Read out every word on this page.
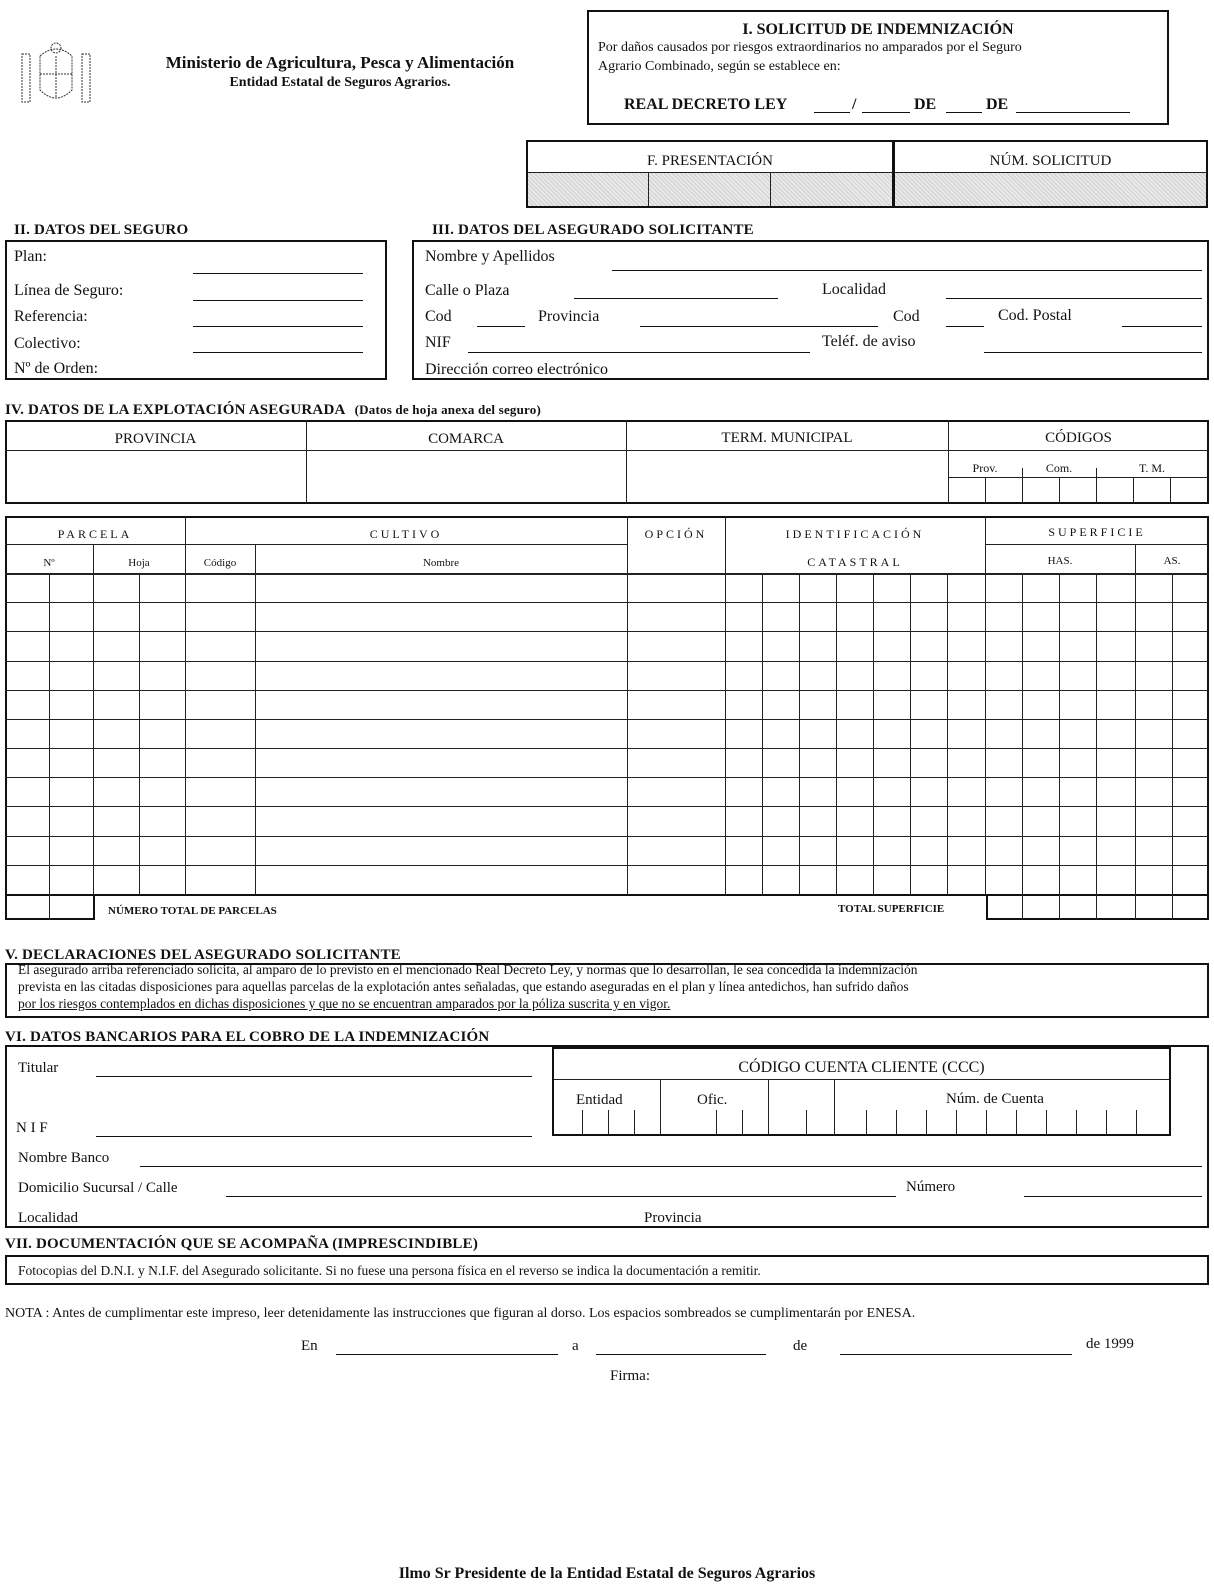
Ministerio de Agricultura, Pesca y Alimentación
Entidad Estatal de Seguros Agrarios.
I. SOLICITUD DE INDEMNIZACIÓN
Por daños causados por riesgos extraordinarios no amparados por el Seguro
Agrario Combinado, según se establece en:
REAL DECRETO LEY	/	DE	DE
F. PRESENTACIÓN	NÚM. SOLICITUD
II. DATOS DEL SEGURO
Plan:
Línea de Seguro:
Referencia:
Colectivo:
Nº de Orden:
III. DATOS DEL ASEGURADO SOLICITANTE
Nombre y Apellidos
Calle o Plaza	Localidad
Cod	Provincia	Cod	Cod. Postal
NIF	Teléf. de aviso
Dirección correo electrónico
IV. DATOS DE LA EXPLOTACIÓN ASEGURADA (Datos de hoja anexa del seguro)
PROVINCIA	COMARCA	TERM. MUNICIPAL	CÓDIGOS
Prov.	Com.	T. M.
PARCELA	CULTIVO	OPCIÓN	IDENTIFICACIÓN
CATASTRAL
SUPERFICIE
Nº	Hoja	Código	Nombre	HAS.	AS.
NÚMERO TOTAL DE PARCELAS	TOTAL SUPERFICIE
V. DECLARACIONES DEL ASEGURADO SOLICITANTE
El asegurado arriba referenciado solicita, al amparo de lo previsto en el mencionado Real Decreto Ley, y normas que lo desarrollan, le sea concedida la indemnización
prevista en las citadas disposiciones para aquellas parcelas de la explotación antes señaladas, que estando aseguradas en el plan y línea antedichos, han sufrido daños
por los riesgos contemplados en dichas disposiciones y que no se encuentran amparados por la póliza suscrita y en vigor.
VI. DATOS BANCARIOS PARA EL COBRO DE LA INDEMNIZACIÓN
Titular
N I F
Nombre Banco
Domicilio Sucursal / Calle	Número
Localidad	Provincia
CÓDIGO CUENTA CLIENTE (CCC)
Entidad	Ofic.	Núm. de Cuenta
VII. DOCUMENTACIÓN QUE SE ACOMPAÑA (IMPRESCINDIBLE)
Fotocopias del D.N.I. y N.I.F. del Asegurado solicitante. Si no fuese una persona física en el reverso se indica la documentación a remitir.
NOTA : Antes de cumplimentar este impreso, leer detenidamente las instrucciones que figuran al dorso. Los espacios sombreados se cumplimentarán por ENESA.
En	a	de	de 1999
Firma:
Ilmo Sr Presidente de la Entidad Estatal de Seguros Agrarios
